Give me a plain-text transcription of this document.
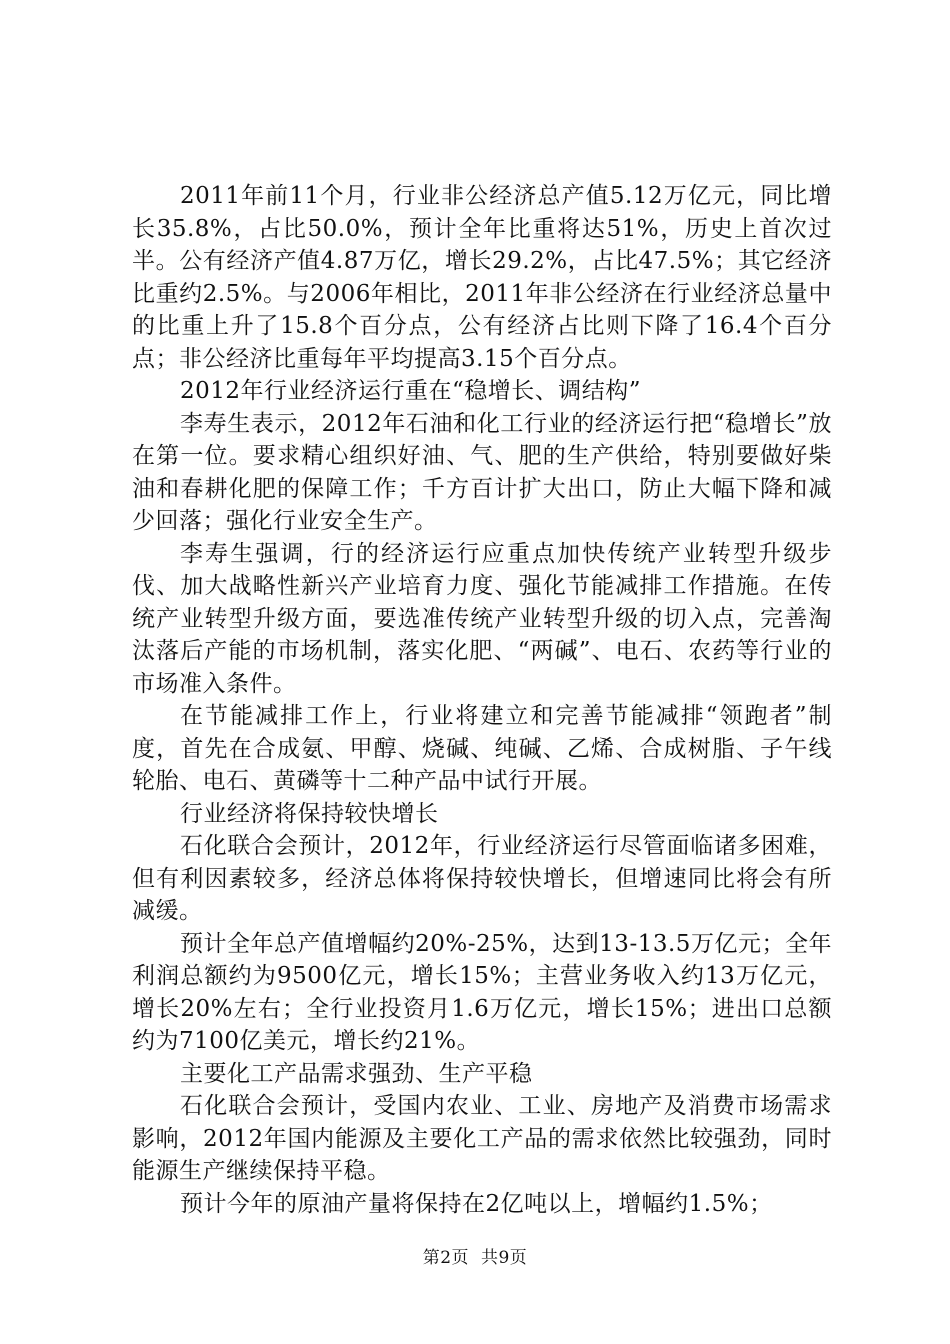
2011年前11个月，行业非公经济总产值5.12万亿元，同比增长35.8%，占比50.0%，预计全年比重将达51%，历史上首次过半。公有经济产值4.87万亿，增长29.2%，占比47.5%；其它经济比重约2.5%。与2006年相比，2011年非公经济在行业经济总量中的比重上升了15.8个百分点，公有经济占比则下降了16.4个百分点；非公经济比重每年平均提高3.15个百分点。

2012年行业经济运行重在“稳增长、调结构”

李寿生表示，2012年石油和化工行业的经济运行把“稳增长”放在第一位。要求精心组织好油、气、肥的生产供给，特别要做好柴油和春耕化肥的保障工作；千方百计扩大出口，防止大幅下降和减少回落；强化行业安全生产。

李寿生强调，行的经济运行应重点加快传统产业转型升级步伐、加大战略性新兴产业培育力度、强化节能减排工作措施。在传统产业转型升级方面，要选准传统产业转型升级的切入点，完善淘汰落后产能的市场机制，落实化肥、“两碱”、电石、农药等行业的市场准入条件。

在节能减排工作上，行业将建立和完善节能减排“领跑者”制度，首先在合成氨、甲醇、烧碱、纯碱、乙烯、合成树脂、子午线轮胎、电石、黄磷等十二种产品中试行开展。

行业经济将保持较快增长

石化联合会预计，2012年，行业经济运行尽管面临诸多困难，但有利因素较多，经济总体将保持较快增长，但增速同比将会有所减缓。

预计全年总产值增幅约20%-25%，达到13-13.5万亿元；全年利润总额约为9500亿元，增长15%；主营业务收入约13万亿元，增长20%左右；全行业投资月1.6万亿元，增长15%；进出口总额约为7100亿美元，增长约21%。

主要化工产品需求强劲、生产平稳

石化联合会预计，受国内农业、工业、房地产及消费市场需求影响，2012年国内能源及主要化工产品的需求依然比较强劲，同时能源生产继续保持平稳。

预计今年的原油产量将保持在2亿吨以上，增幅约1.5%；

第2页 共9页
